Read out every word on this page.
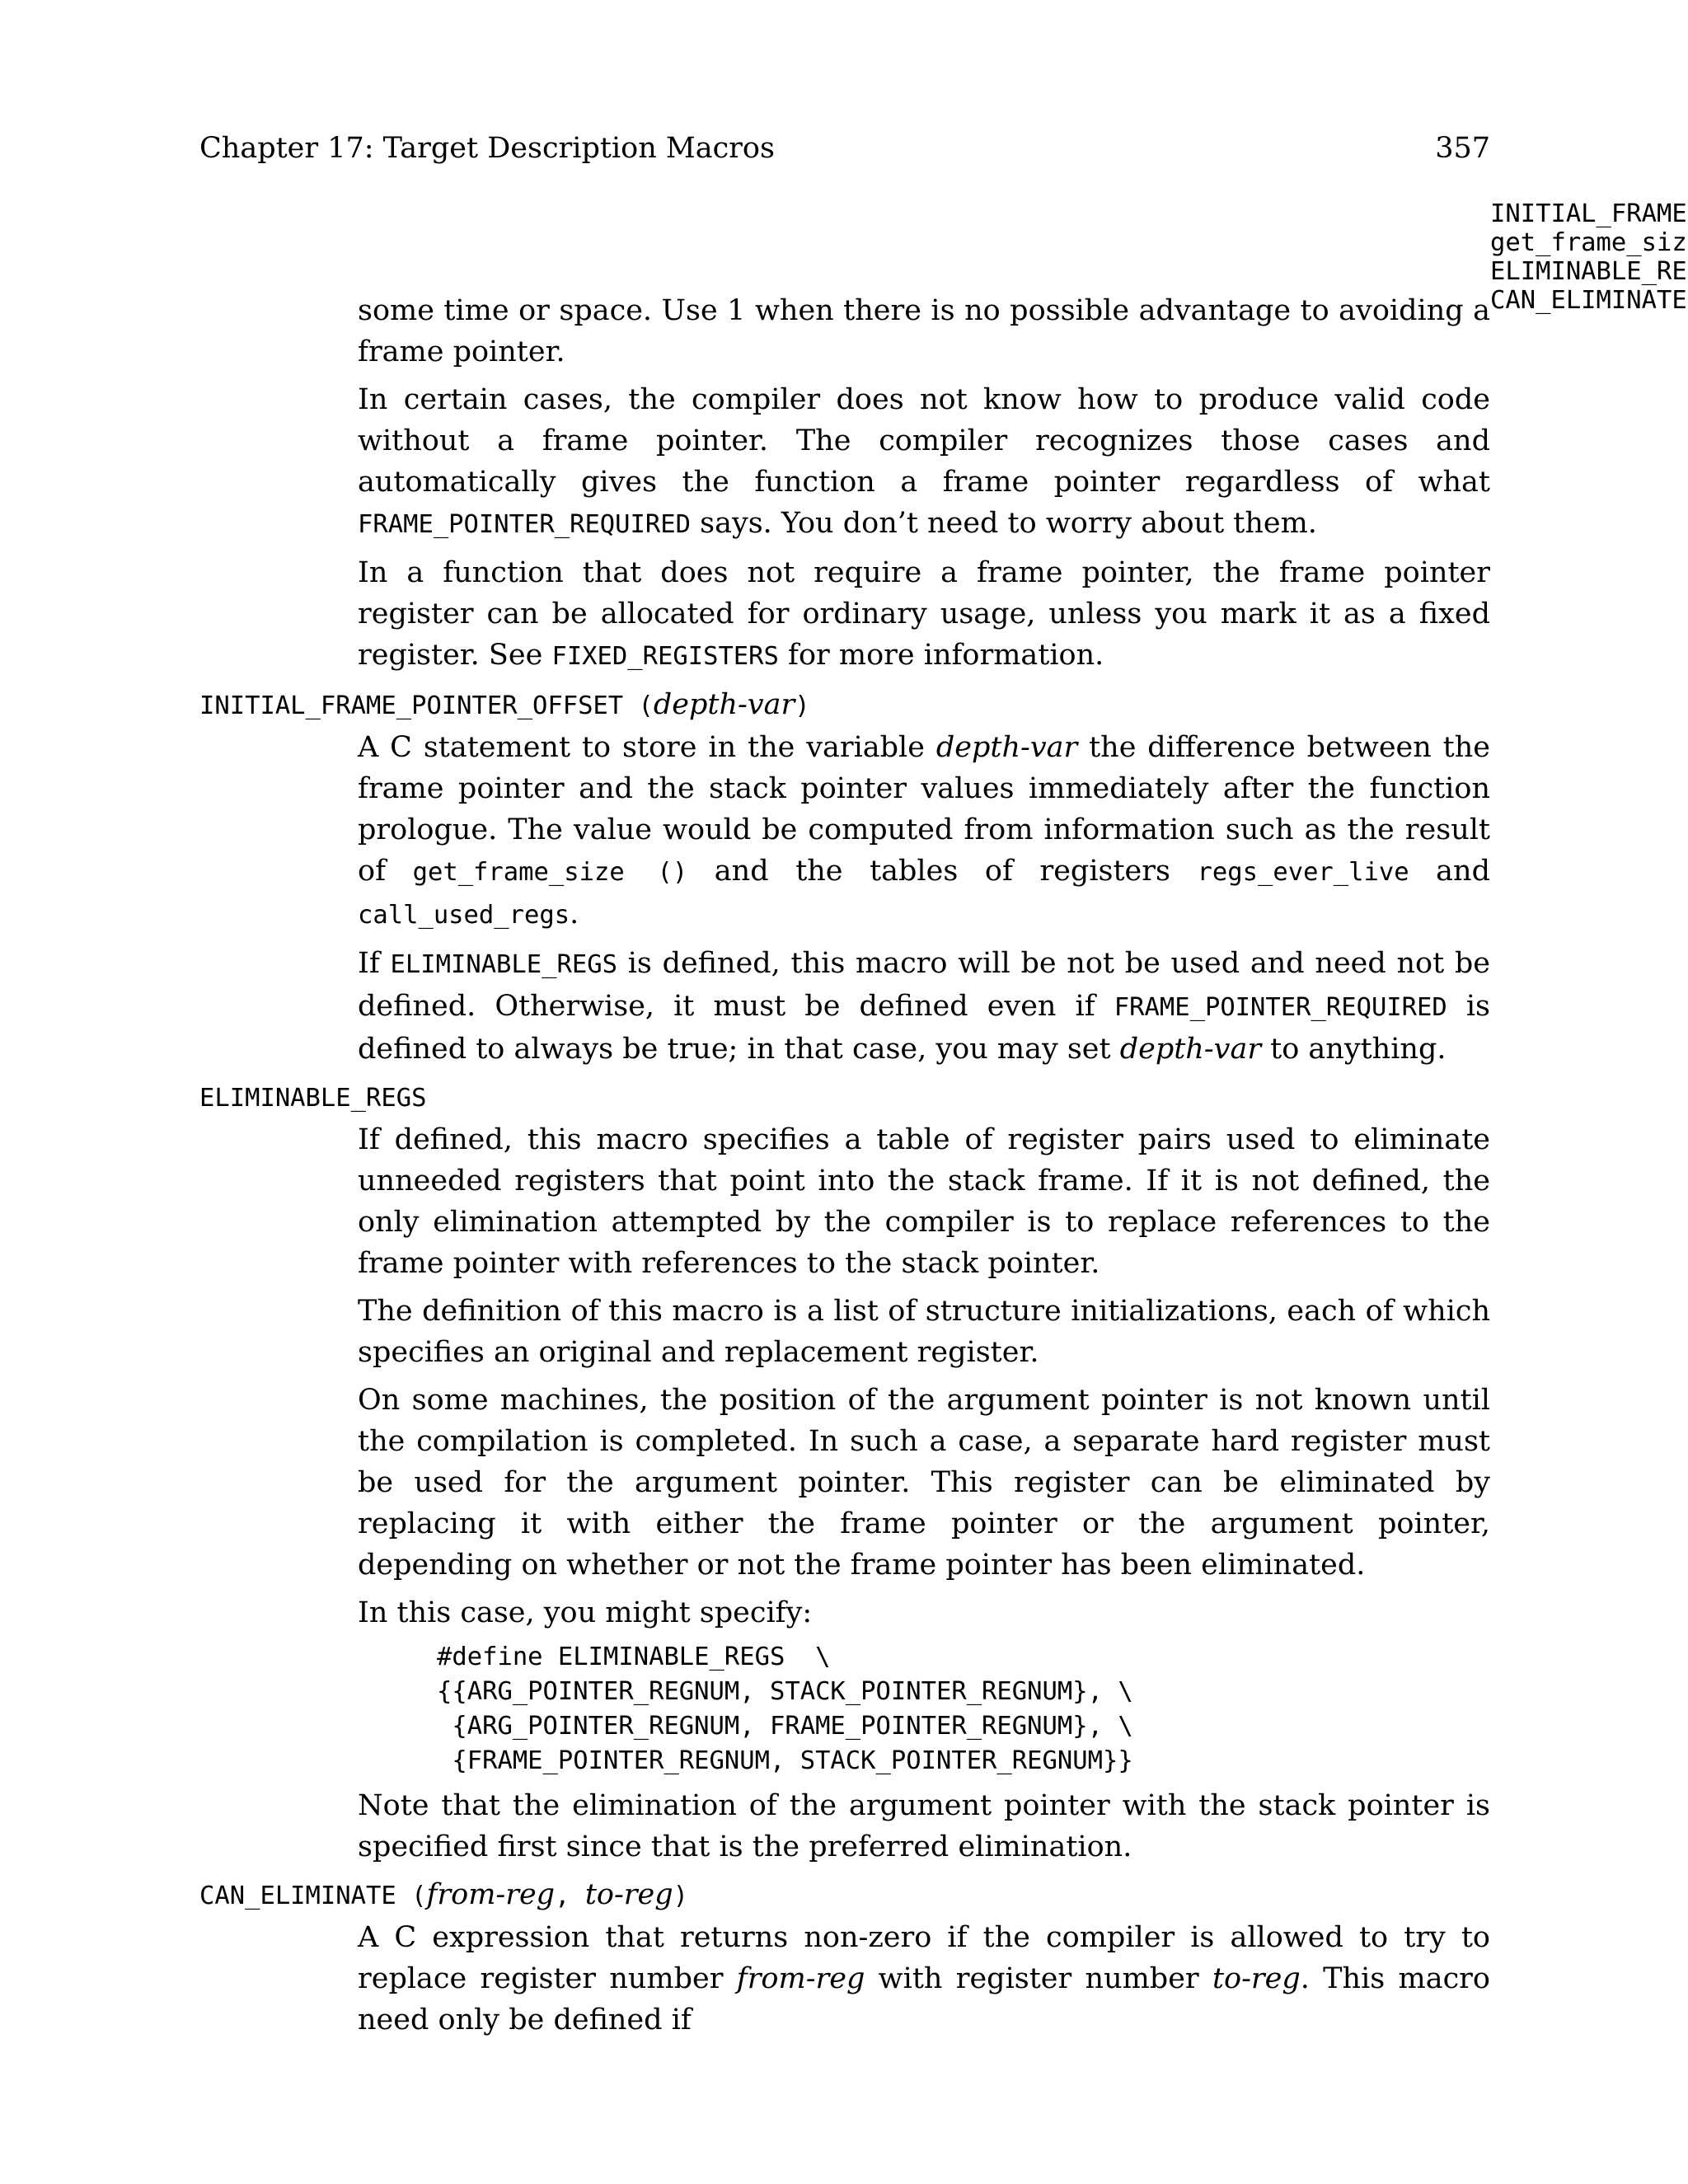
Chapter 17: Target Description Macros	357
INITIAL_FRAME
get_frame_siz
ELIMINABLE_RE
CAN_ELIMINATE

some time or space. Use 1 when there is no possible advantage to avoiding a frame pointer.

In certain cases, the compiler does not know how to produce valid code without a frame pointer. The compiler recognizes those cases and automatically gives the function a frame pointer regardless of what FRAME_POINTER_REQUIRED says. You don’t need to worry about them.

In a function that does not require a frame pointer, the frame pointer register can be allocated for ordinary usage, unless you mark it as a fixed register. See FIXED_REGISTERS for more information.

INITIAL_FRAME_POINTER_OFFSET (depth-var)

A C statement to store in the variable depth-var the difference between the frame pointer and the stack pointer values immediately after the function prologue. The value would be computed from information such as the result of get_frame_size () and the tables of registers regs_ever_live and call_used_regs.

If ELIMINABLE_REGS is defined, this macro will be not be used and need not be defined. Otherwise, it must be defined even if FRAME_POINTER_REQUIRED is defined to always be true; in that case, you may set depth-var to anything.

ELIMINABLE_REGS

If defined, this macro specifies a table of register pairs used to eliminate unneeded registers that point into the stack frame. If it is not defined, the only elimination attempted by the compiler is to replace references to the frame pointer with references to the stack pointer.

The definition of this macro is a list of structure initializations, each of which specifies an original and replacement register.

On some machines, the position of the argument pointer is not known until the compilation is completed. In such a case, a separate hard register must be used for the argument pointer. This register can be eliminated by replacing it with either the frame pointer or the argument pointer, depending on whether or not the frame pointer has been eliminated.

In this case, you might specify:

#define ELIMINABLE_REGS  \
{{ARG_POINTER_REGNUM, STACK_POINTER_REGNUM}, \
{ARG_POINTER_REGNUM, FRAME_POINTER_REGNUM}, \
{FRAME_POINTER_REGNUM, STACK_POINTER_REGNUM}}

Note that the elimination of the argument pointer with the stack pointer is specified first since that is the preferred elimination.

CAN_ELIMINATE (from-reg, to-reg)

A C expression that returns non-zero if the compiler is allowed to try to replace register number from-reg with register number to-reg. This macro need only be defined if
